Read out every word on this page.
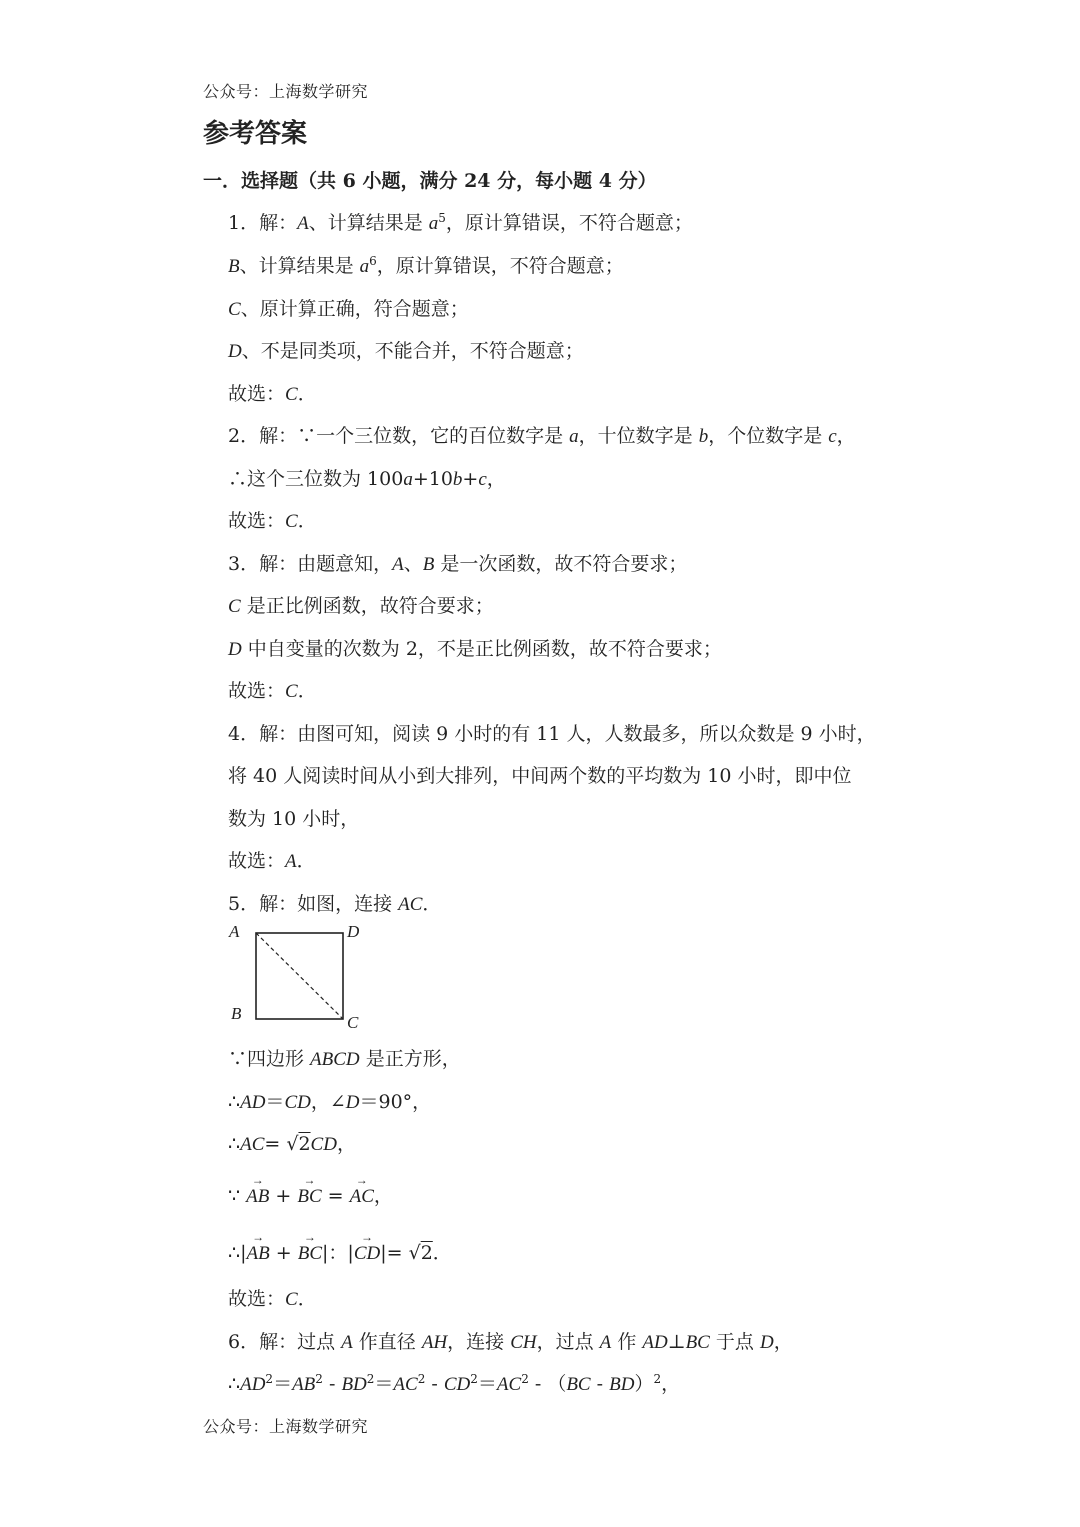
公众号：上海数学研究
参考答案
一．选择题（共 6 小题，满分 24 分，每小题 4 分）
1．解：A、计算结果是 $a^5$，原计算错误，不符合题意；
B、计算结果是 $a^6$，原计算错误，不符合题意；
C、原计算正确，符合题意；
D、不是同类项，不能合并，不符合题意；
故选：C．
2．解：∵一个三位数，它的百位数字是 a，十位数字是 b，个位数字是 c，
∴这个三位数为 100a+10b+c，
故选：C．
3．解：由题意知，A、B 是一次函数，故不符合要求；
C 是正比例函数，故符合要求；
D 中自变量的次数为 2，不是正比例函数，故不符合要求；
故选：C．
4．解：由图可知，阅读 9 小时的有 11 人，人数最多，所以众数是 9 小时，
将 40 人阅读时间从小到大排列，中间两个数的平均数为 10 小时，即中位
数为 10 小时，
故选：A．
5．解：如图，连接 AC．
A	D
B	C
∵四边形 ABCD 是正方形，
∴AD＝CD，∠D＝90°，
∴AC= √2CD，
∵ → AB + → BC = → AC，
∴|→ AB + → BC|：|→ CD|= √2．
故选：C．
6．解：过点 A 作直径 AH，连接 CH，过点 A 作 AD⊥BC 于点 D，
$\therefore AD^2=AB^2 - BD^2=AC^2 - CD^2=AC^2 - (BC - BD)^2$，
公众号：上海数学研究
